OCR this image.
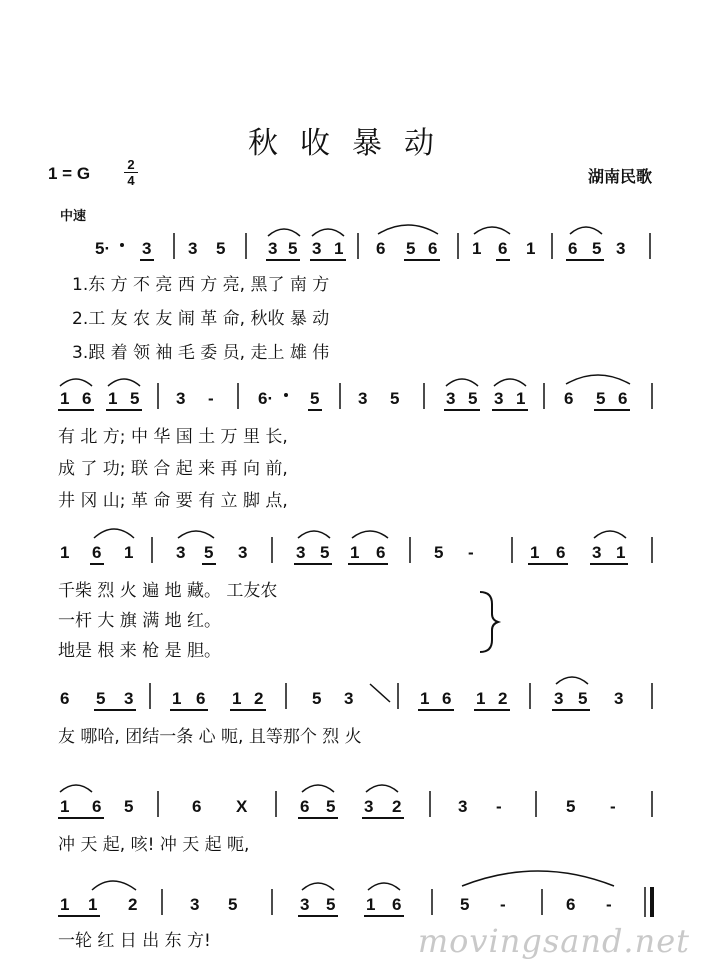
秋收暴动
1 = G	2
4	湖南民歌
中速
5· 3 3 5	3 5 3 1 6 5 6 1 6 1 6 5 3
1.东 方 不 亮 西 方 亮, 黑了 南 方
2.工 友 农 友 闹 革 命, 秋收 暴 动
3.跟 着 领 袖 毛 委 员, 走上 雄 伟
1 6 1 5 3 -	6· 5 3 5	3 5 3 1 6 5 6
有 北 方; 中 华 国 土 万 里 长,
成 了 功; 联 合 起 来 再 向 前,
井 冈 山; 革 命 要 有 立 脚 点,
1 6 1	3 5 3	3 5 1 6	5 -	1 6 3 1
千柴 烈 火 遍 地 藏。 工友农
一杆 大 旗 满 地 红。
地是 根 来 枪 是 胆。
6 5 3 1 6 1 2	5 3	1 6 1 2	3 5 3
友 哪哈, 团结一条 心 呃, 且等那个 烈 火
1 6 5	6 X	6 5 3 2	3 -	5 -
冲 天 起, 咳! 冲 天 起 呃,
1 1 2	3 5	3 5 1 6	5 -	6 -
一轮 红 日 出 东 方!	movingsand.net
